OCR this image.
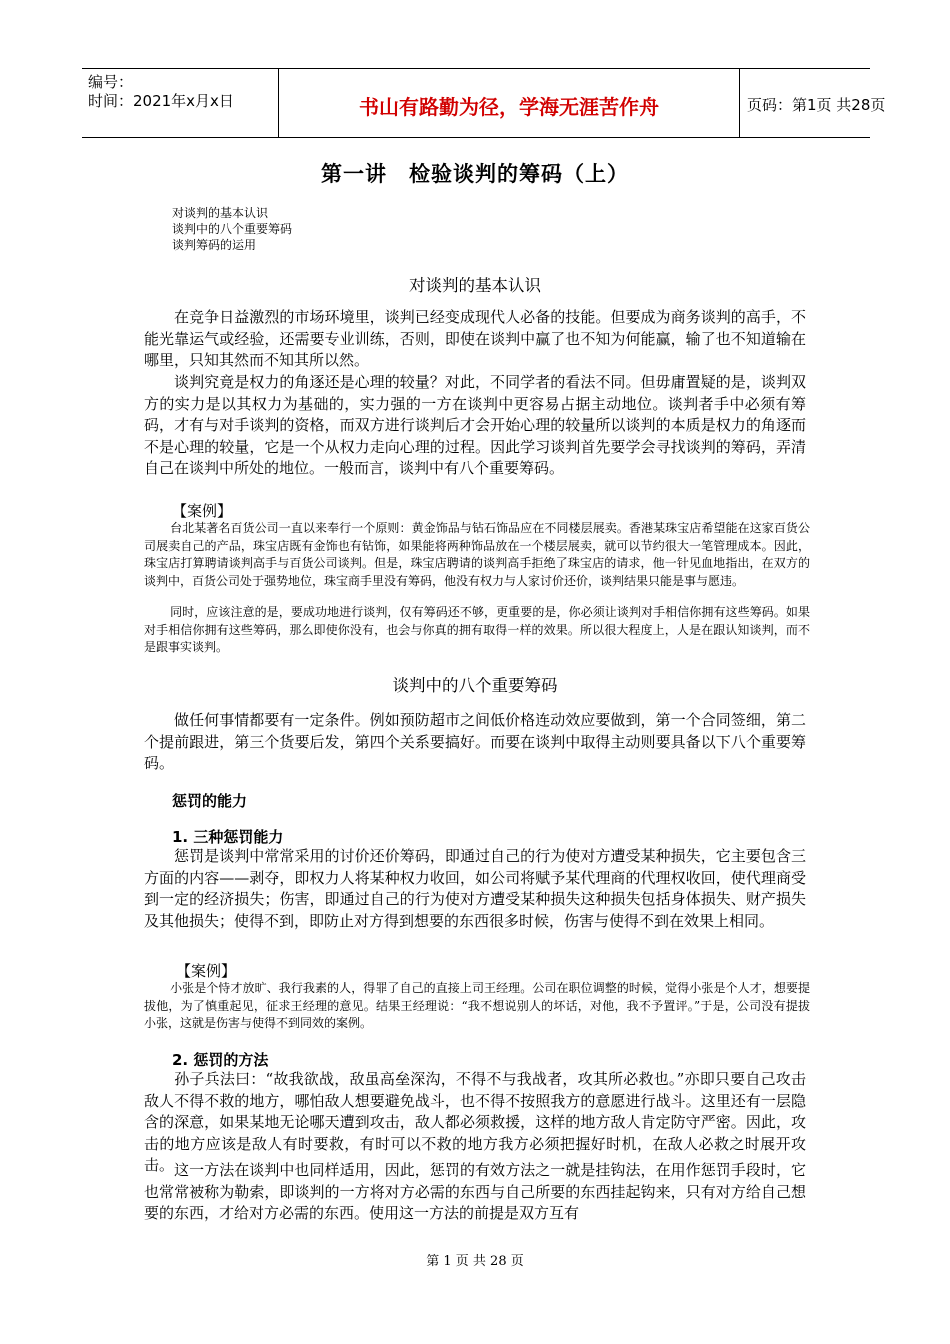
编号：
时间：2021年x月x日	书山有路勤为径，学海无涯苦作舟	页码：第1页 共28页
第一讲　检验谈判的筹码（上）
对谈判的基本认识
谈判中的八个重要筹码
谈判筹码的运用
对谈判的基本认识
在竞争日益激烈的市场环境里，谈判已经变成现代人必备的技能。但要成为商务谈判的高手，不能光靠运气或经验，还需要专业训练，否则，即使在谈判中赢了也不知为何能赢，输了也不知道输在哪里，只知其然而不知其所以然。
谈判究竟是权力的角逐还是心理的较量？对此，不同学者的看法不同。但毋庸置疑的是，谈判双方的实力是以其权力为基础的，实力强的一方在谈判中更容易占据主动地位。谈判者手中必须有筹码，才有与对手谈判的资格，而双方进行谈判后才会开始心理的较量所以谈判的本质是权力的角逐而不是心理的较量，它是一个从权力走向心理的过程。因此学习谈判首先要学会寻找谈判的筹码，弄清自己在谈判中所处的地位。一般而言，谈判中有八个重要筹码。
【案例】
台北某著名百货公司一直以来奉行一个原则：黄金饰品与钻石饰品应在不同楼层展卖。香港某珠宝店希望能在这家百货公司展卖自己的产品，珠宝店既有金饰也有钻饰，如果能将两种饰品放在一个楼层展卖，就可以节约很大一笔管理成本。因此，珠宝店打算聘请谈判高手与百货公司谈判。但是，珠宝店聘请的谈判高手拒绝了珠宝店的请求，他一针见血地指出，在双方的谈判中，百货公司处于强势地位，珠宝商手里没有筹码，他没有权力与人家讨价还价，谈判结果只能是事与愿违。
同时，应该注意的是，要成功地进行谈判，仅有筹码还不够，更重要的是，你必须让谈判对手相信你拥有这些筹码。如果对手相信你拥有这些筹码，那么即使你没有，也会与你真的拥有取得一样的效果。所以很大程度上，人是在跟认知谈判，而不是跟事实谈判。
谈判中的八个重要筹码
做任何事情都要有一定条件。例如预防超市之间低价格连动效应要做到，第一个合同签细，第二个提前跟进，第三个货要后发，第四个关系要搞好。而要在谈判中取得主动则要具备以下八个重要筹码。
惩罚的能力
1. 三种惩罚能力
惩罚是谈判中常常采用的讨价还价筹码，即通过自己的行为使对方遭受某种损失，它主要包含三方面的内容——剥夺，即权力人将某种权力收回，如公司将赋予某代理商的代理权收回，使代理商受到一定的经济损失；伤害，即通过自己的行为使对方遭受某种损失这种损失包括身体损失、财产损失及其他损失；使得不到，即防止对方得到想要的东西很多时候，伤害与使得不到在效果上相同。
【案例】
小张是个恃才放旷、我行我素的人，得罪了自己的直接上司王经理。公司在职位调整的时候，觉得小张是个人才，想要提拔他，为了慎重起见，征求王经理的意见。结果王经理说：“我不想说别人的坏话，对他，我不予置评。”于是，公司没有提拔小张，这就是伤害与使得不到同效的案例。
2. 惩罚的方法
孙子兵法曰：“故我欲战，敌虽高垒深沟，不得不与我战者，攻其所必救也。”亦即只要自己攻击敌人不得不救的地方，哪怕敌人想要避免战斗，也不得不按照我方的意愿进行战斗。这里还有一层隐含的深意，如果某地无论哪天遭到攻击，敌人都必须救援，这样的地方敌人肯定防守严密。因此，攻击的地方应该是敌人有时要救，有时可以不救的地方我方必须把握好时机，在敌人必救之时展开攻击。 这一方法在谈判中也同样适用，因此，惩罚的有效方法之一就是挂钩法，在用作惩罚手段时，它也常常被称为勒索，即谈判的一方将对方必需的东西与自己所要的东西挂起钩来，只有对方给自己想要的东西，才给对方必需的东西。使用这一方法的前提是双方互有
第 1 页 共 28 页
